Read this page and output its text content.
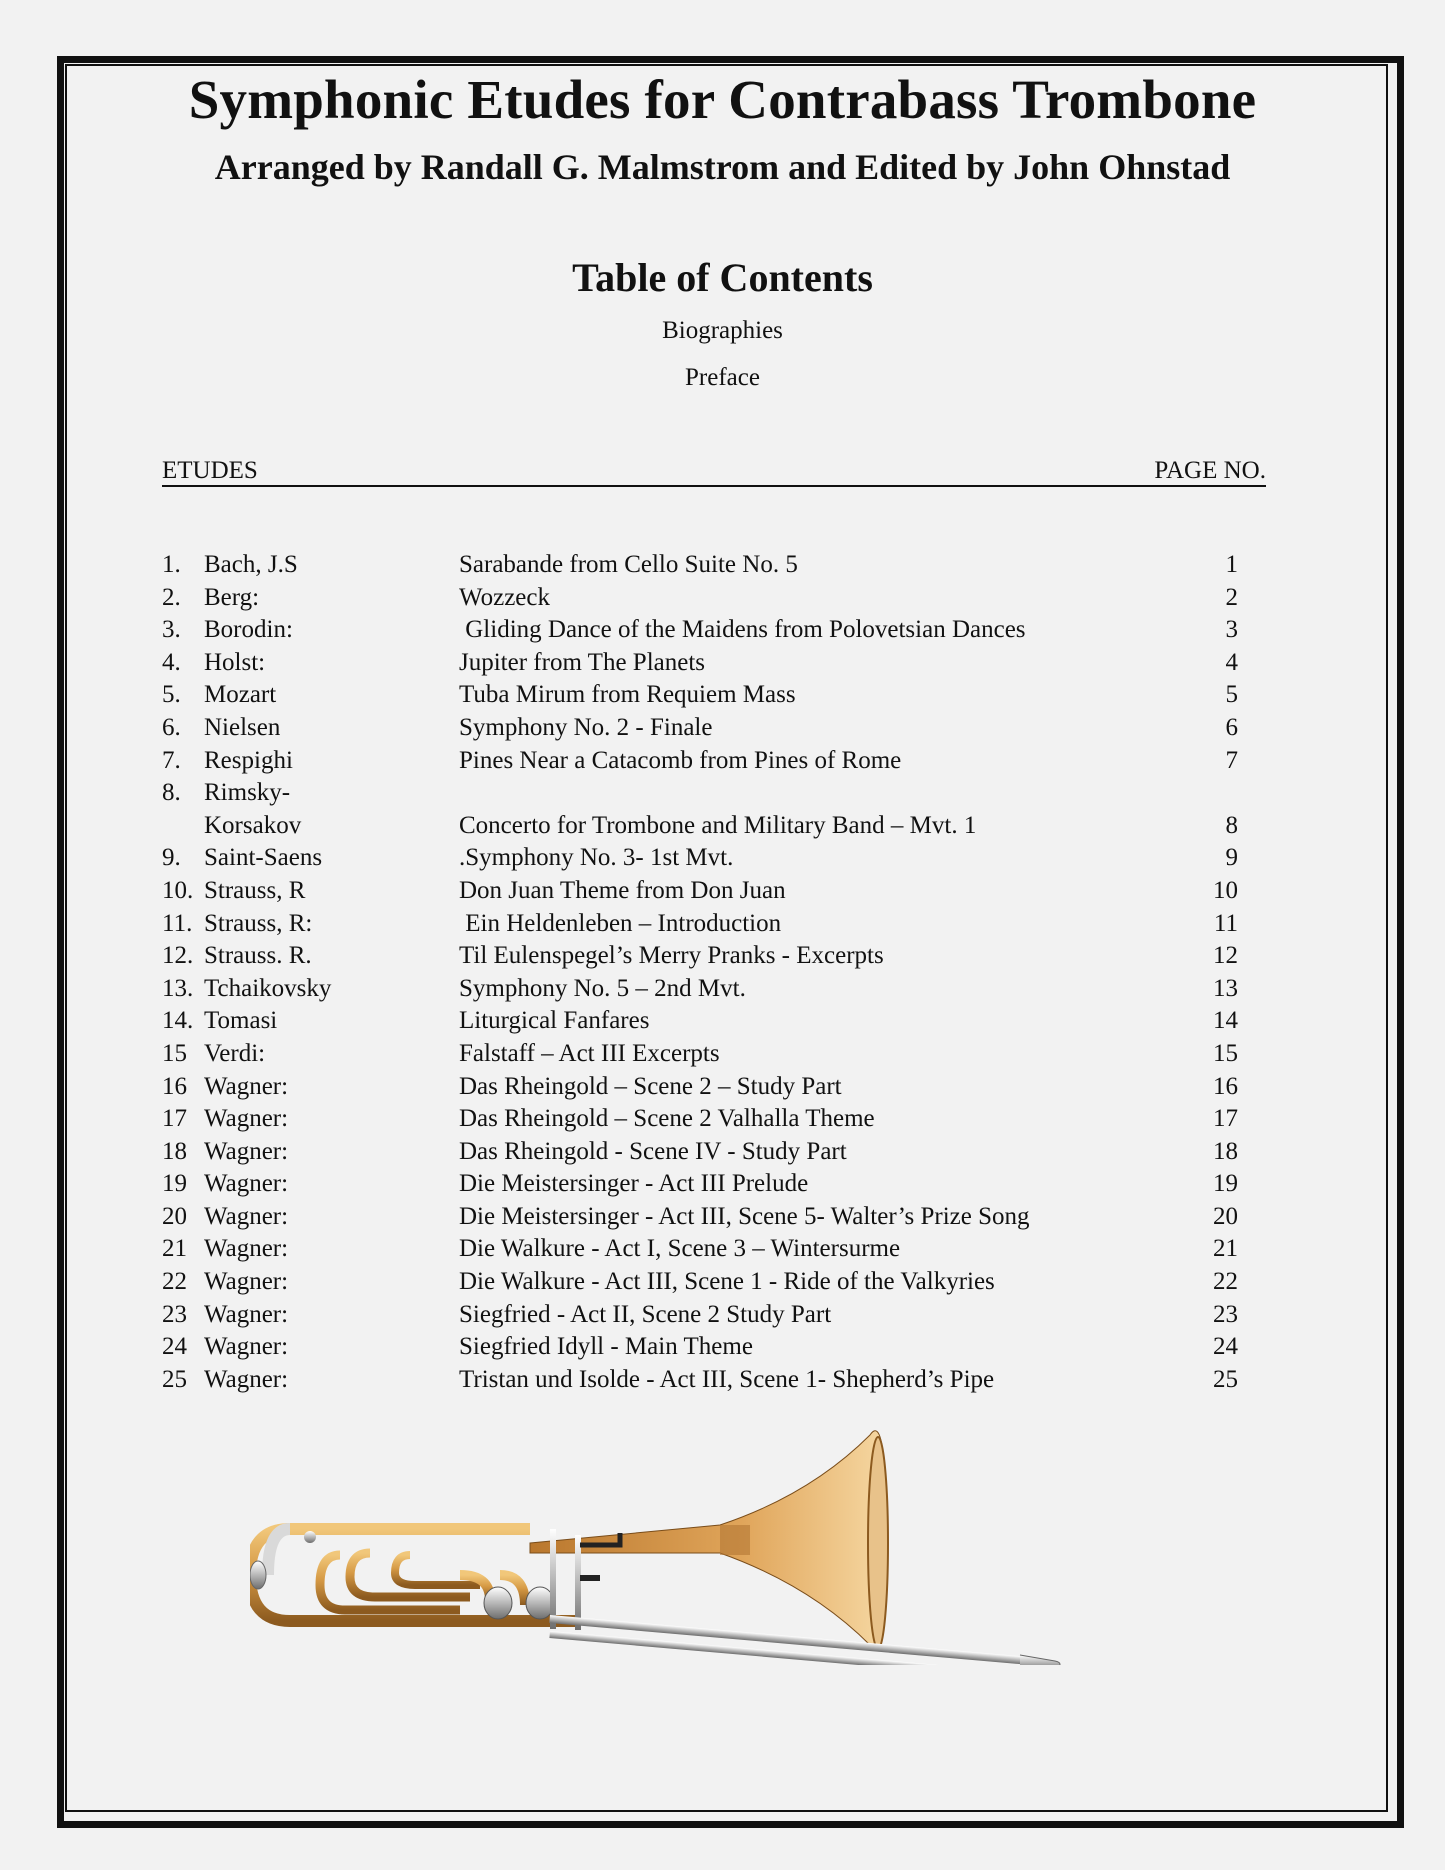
Symphonic Etudes for Contrabass Trombone
Arranged by Randall G. Malmstrom and Edited by John Ohnstad
Table of Contents
Biographies
Preface
ETUDES	PAGE NO.
1. Bach, J.S	Sarabande from Cello Suite No. 5	1
2. Berg:	Wozzeck	2
3. Borodin:	Gliding Dance of the Maidens from Polovetsian Dances	3
4. Holst:	Jupiter from The Planets	4
5. Mozart	Tuba Mirum from Requiem Mass	5
6. Nielsen	Symphony No. 2 - Finale	6
7. Respighi	Pines Near a Catacomb from Pines of Rome	7
8. Rimsky-Korsakov	Concerto for Trombone and Military Band – Mvt. 1	8
9. Saint-Saens	.Symphony No. 3- 1st Mvt.	9
10. Strauss, R	Don Juan Theme from Don Juan	10
11. Strauss, R:	Ein Heldenleben – Introduction	11
12. Strauss. R.	Til Eulenspegel’s Merry Pranks - Excerpts	12
13. Tchaikovsky	Symphony No. 5 – 2nd Mvt.	13
14. Tomasi	Liturgical Fanfares	14
15 Verdi:	Falstaff – Act III Excerpts	15
16 Wagner:	Das Rheingold – Scene 2 – Study Part	16
17 Wagner:	Das Rheingold – Scene 2 Valhalla Theme	17
18 Wagner:	Das Rheingold - Scene IV - Study Part	18
19 Wagner:	Die Meistersinger - Act III Prelude	19
20 Wagner:	Die Meistersinger - Act III, Scene 5- Walter’s Prize Song	20
21 Wagner:	Die Walkure - Act I, Scene 3 – Wintersurme	21
22 Wagner:	Die Walkure - Act III, Scene 1 - Ride of the Valkyries	22
23 Wagner:	Siegfried - Act II, Scene 2 Study Part	23
24 Wagner:	Siegfried Idyll - Main Theme	24
25 Wagner:	Tristan und Isolde - Act III, Scene 1- Shepherd’s Pipe	25
